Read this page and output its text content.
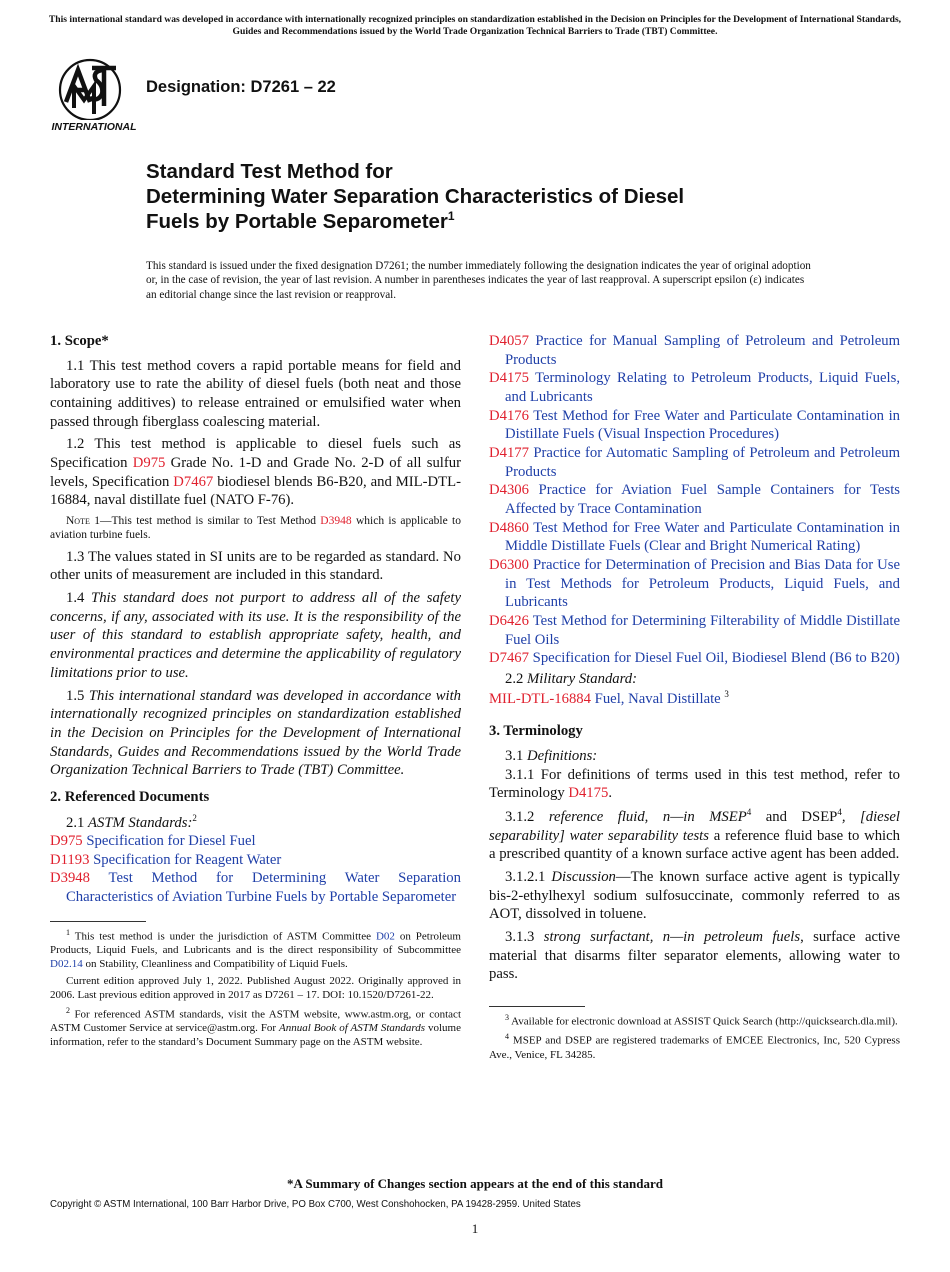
This international standard was developed in accordance with internationally recognized principles on standardization established in the Decision on Principles for the Development of International Standards, Guides and Recommendations issued by the World Trade Organization Technical Barriers to Trade (TBT) Committee.
INTERNATIONAL
Designation: D7261 – 22
Standard Test Method for
Determining Water Separation Characteristics of Diesel
Fuels by Portable Separometer$^1$
This standard is issued under the fixed designation D7261; the number immediately following the designation indicates the year of original adoption or, in the case of revision, the year of last revision. A number in parentheses indicates the year of last reapproval. A superscript epsilon (ε) indicates an editorial change since the last revision or reapproval.
1. Scope*

1.1 This test method covers a rapid portable means for field and laboratory use to rate the ability of diesel fuels (both neat and those containing additives) to release entrained or emulsified water when passed through fiberglass coalescing material.

1.2 This test method is applicable to diesel fuels such as Specification D975 Grade No. 1-D and Grade No. 2-D of all sulfur levels, Specification D7467 biodiesel blends B6-B20, and MIL-DTL-16884, naval distillate fuel (NATO F-76).

Note 1—This test method is similar to Test Method D3948 which is applicable to aviation turbine fuels.

1.3 The values stated in SI units are to be regarded as standard. No other units of measurement are included in this standard.

1.4 This standard does not purport to address all of the safety concerns, if any, associated with its use. It is the responsibility of the user of this standard to establish appropriate safety, health, and environmental practices and determine the applicability of regulatory limitations prior to use.

1.5 This international standard was developed in accordance with internationally recognized principles on standardization established in the Decision on Principles for the Development of International Standards, Guides and Recommendations issued by the World Trade Organization Technical Barriers to Trade (TBT) Committee.

2. Referenced Documents

2.1 ASTM Standards:$^2$

D975 Specification for Diesel Fuel

D1193 Specification for Reagent Water

D3948 Test Method for Determining Water Separation Characteristics of Aviation Turbine Fuels by Portable Separometer

$^1$ This test method is under the jurisdiction of ASTM Committee D02 on Petroleum Products, Liquid Fuels, and Lubricants and is the direct responsibility of Subcommittee D02.14 on Stability, Cleanliness and Compatibility of Liquid Fuels.

Current edition approved July 1, 2022. Published August 2022. Originally approved in 2006. Last previous edition approved in 2017 as D7261 – 17. DOI: 10.1520/D7261-22.

$^2$ For referenced ASTM standards, visit the ASTM website, www.astm.org, or contact ASTM Customer Service at service@astm.org. For Annual Book of ASTM Standards volume information, refer to the standard’s Document Summary page on the ASTM website.

D4057 Practice for Manual Sampling of Petroleum and Petroleum Products

D4175 Terminology Relating to Petroleum Products, Liquid Fuels, and Lubricants

D4176 Test Method for Free Water and Particulate Contamination in Distillate Fuels (Visual Inspection Procedures)

D4177 Practice for Automatic Sampling of Petroleum and Petroleum Products

D4306 Practice for Aviation Fuel Sample Containers for Tests Affected by Trace Contamination

D4860 Test Method for Free Water and Particulate Contamination in Middle Distillate Fuels (Clear and Bright Numerical Rating)

D6300 Practice for Determination of Precision and Bias Data for Use in Test Methods for Petroleum Products, Liquid Fuels, and Lubricants

D6426 Test Method for Determining Filterability of Middle Distillate Fuel Oils

D7467 Specification for Diesel Fuel Oil, Biodiesel Blend (B6 to B20)

2.2 Military Standard:

MIL-DTL-16884 Fuel, Naval Distillate $^3$

3. Terminology

3.1 Definitions:

3.1.1 For definitions of terms used in this test method, refer to Terminology D4175.

3.1.2 reference fluid, n—in MSEP$^4$ and DSEP$^4$, [diesel separability] water separability tests a reference fluid base to which a prescribed quantity of a known surface active agent has been added.

3.1.2.1 Discussion—The known surface active agent is typically bis-2-ethylhexyl sodium sulfosuccinate, commonly referred to as AOT, dissolved in toluene.

3.1.3 strong surfactant, n—in petroleum fuels, surface active material that disarms filter separator elements, allowing water to pass.

$^3$ Available for electronic download at ASSIST Quick Search (http://quicksearch.dla.mil).

$^4$ MSEP and DSEP are registered trademarks of EMCEE Electronics, Inc, 520 Cypress Ave., Venice, FL 34285.

*A Summary of Changes section appears at the end of this standard
Copyright © ASTM International, 100 Barr Harbor Drive, PO Box C700, West Conshohocken, PA 19428-2959. United States
1
